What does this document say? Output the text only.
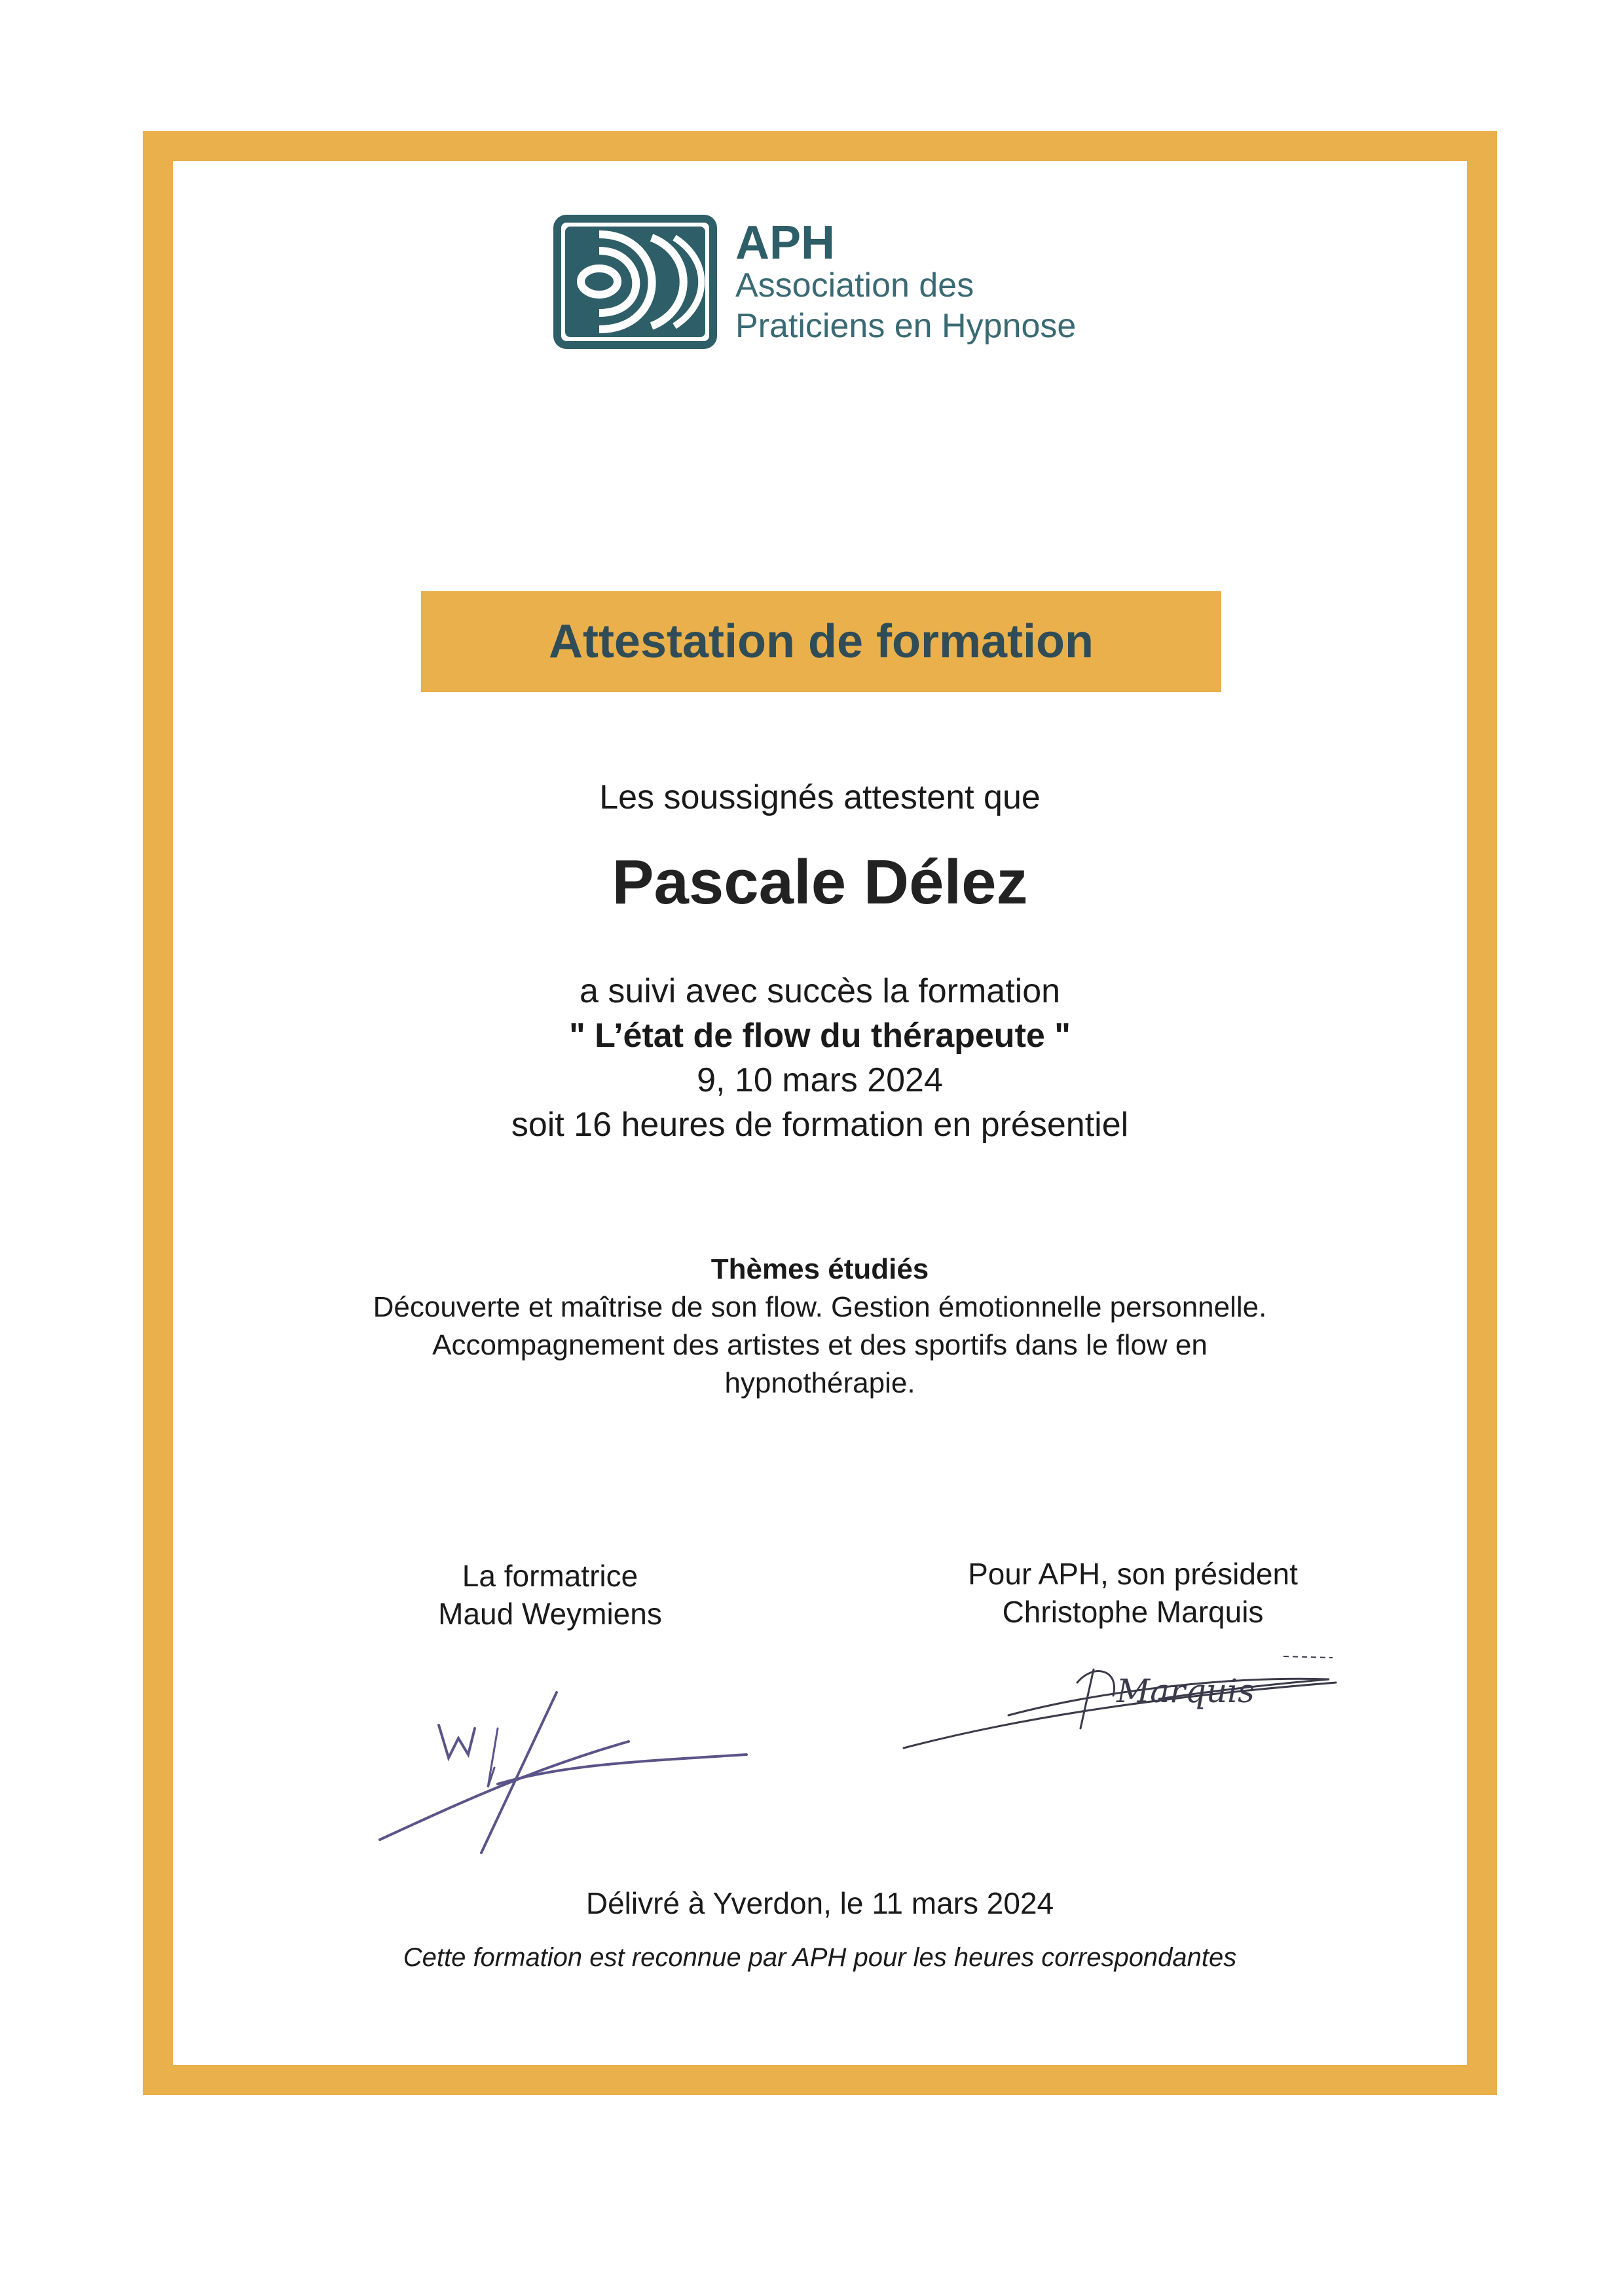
APH
Association des
Praticiens en Hypnose
Attestation de formation
Les soussignés attestent que
Pascale Délez
a suivi avec succès la formation
" L’état de flow du thérapeute "
9, 10 mars 2024
soit 16 heures de formation en présentiel
Thèmes étudiés
Découverte et maîtrise de son flow. Gestion émotionnelle personnelle.
Accompagnement des artistes et des sportifs dans le flow en
hypnothérapie.
La formatrice
Maud Weymiens
Pour APH, son président
Christophe Marquis
Marquis
Délivré à Yverdon, le 11 mars 2024
Cette formation est reconnue par APH pour les heures correspondantes
